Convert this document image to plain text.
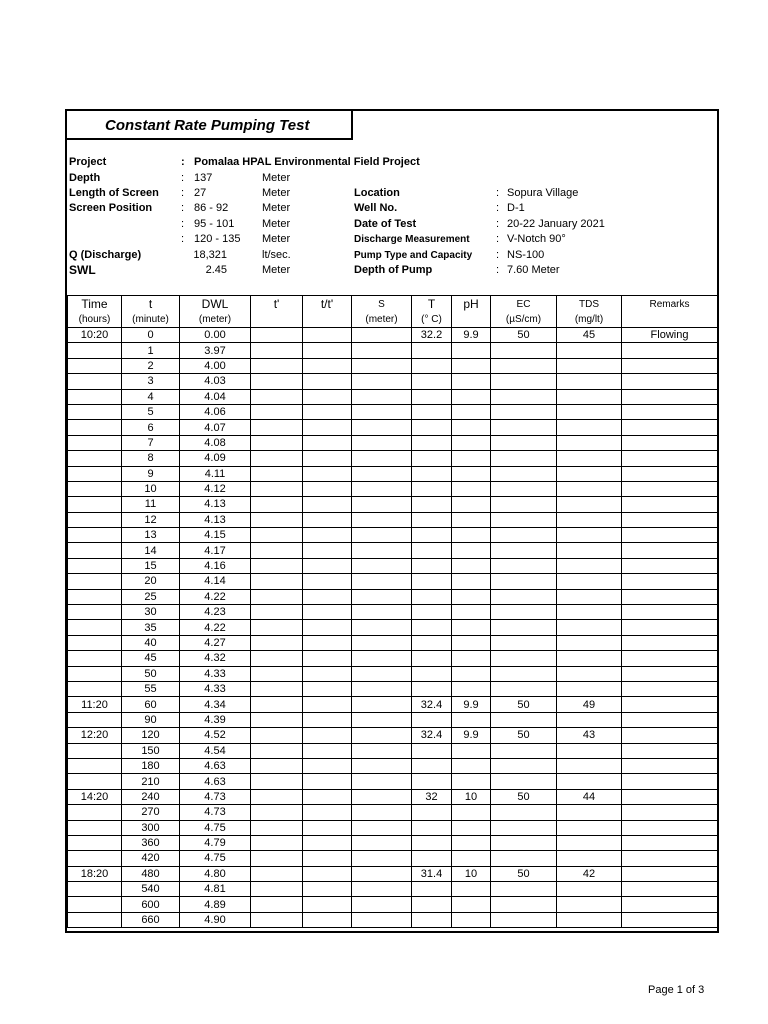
Constant Rate Pumping Test
Project	: Pomalaa HPAL Environmental Field Project
Depth	: 137	Meter
Length of Screen : 27	Meter
Screen Position	: 86 - 92	Meter
: 95 - 101	Meter
: 120 - 135 Meter
Q (Discharge)	18,321	lt/sec.
SWL	2.45	Meter
Location	: Sopura Village
Well No.	: D-1
Date of Test	: 20-22 January 2021
Discharge Measurement : V-Notch 90°
Pump Type and Capacity : NS-100
Depth of Pump	: 7.60 Meter
Time	t	DWL	t'	t/t'	S	T	pH	EC	TDS	Remarks
(hours)	(minute)	(meter)			(meter)	(° C)		(µS/cm)	(mg/lt)	
10:20	0	0.00				32.2	9.9	50	45	Flowing
	1	3.97								
	2	4.00								
	3	4.03								
	4	4.04								
	5	4.06								
	6	4.07								
	7	4.08								
	8	4.09								
	9	4.11								
	10	4.12								
	11	4.13								
	12	4.13								
	13	4.15								
	14	4.17								
	15	4.16								
	20	4.14								
	25	4.22								
	30	4.23								
	35	4.22								
	40	4.27								
	45	4.32								
	50	4.33								
	55	4.33								
11:20	60	4.34				32.4	9.9	50	49	
	90	4.39								
12:20	120	4.52				32.4	9.9	50	43	
	150	4.54								
	180	4.63								
	210	4.63								
14:20	240	4.73				32	10	50	44	
	270	4.73								
	300	4.75								
	360	4.79								
	420	4.75								
18:20	480	4.80				31.4	10	50	42	
	540	4.81								
	600	4.89								
	660	4.90								
Page 1 of 3
